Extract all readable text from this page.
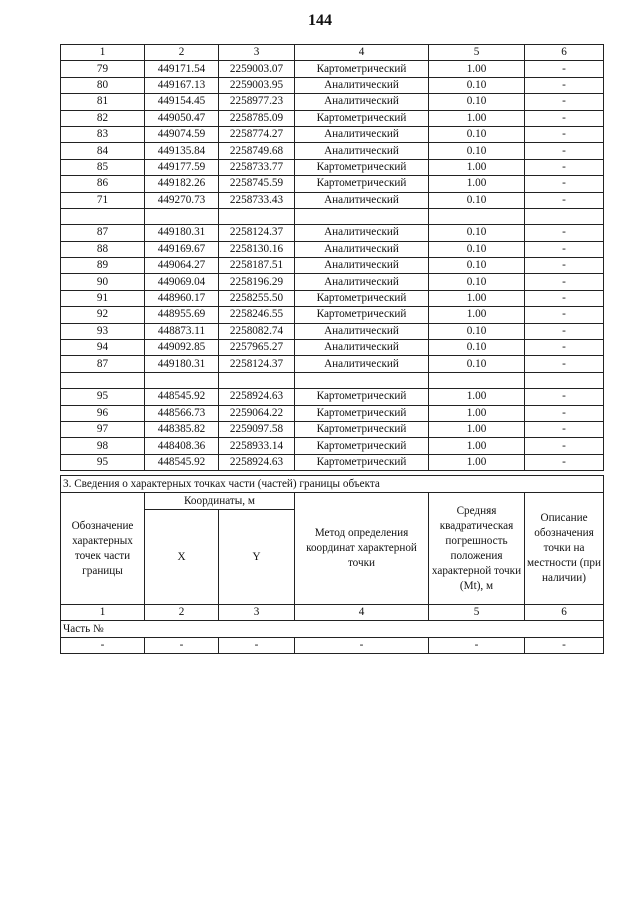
144
1	2	3	4	5	6
79	449171.54	2259003.07	Картометрический	1.00	-
80	449167.13	2259003.95	Аналитический	0.10	-
81	449154.45	2258977.23	Аналитический	0.10	-
82	449050.47	2258785.09	Картометрический	1.00	-
83	449074.59	2258774.27	Аналитический	0.10	-
84	449135.84	2258749.68	Аналитический	0.10	-
85	449177.59	2258733.77	Картометрический	1.00	-
86	449182.26	2258745.59	Картометрический	1.00	-
71	449270.73	2258733.43	Аналитический	0.10	-

87	449180.31	2258124.37	Аналитический	0.10	-
88	449169.67	2258130.16	Аналитический	0.10	-
89	449064.27	2258187.51	Аналитический	0.10	-
90	449069.04	2258196.29	Аналитический	0.10	-
91	448960.17	2258255.50	Картометрический	1.00	-
92	448955.69	2258246.55	Картометрический	1.00	-
93	448873.11	2258082.74	Аналитический	0.10	-
94	449092.85	2257965.27	Аналитический	0.10	-
87	449180.31	2258124.37	Аналитический	0.10	-

95	448545.92	2258924.63	Картометрический	1.00	-
96	448566.73	2259064.22	Картометрический	1.00	-
97	448385.82	2259097.58	Картометрический	1.00	-
98	448408.36	2258933.14	Картометрический	1.00	-
95	448545.92	2258924.63	Картометрический	1.00	-
3. Сведения о характерных точках части (частей) границы объекта					
Обозначение характерных точек части границы	Координаты, м		Метод определения координат характерной точки	Средняя квадратическая погрешность положения характерной точки (Mt), м	Описание обозначения точки на местности (при наличии)
	X	Y			
1	2	3	4	5	6
Часть №					
-	-	-	-	-	-
